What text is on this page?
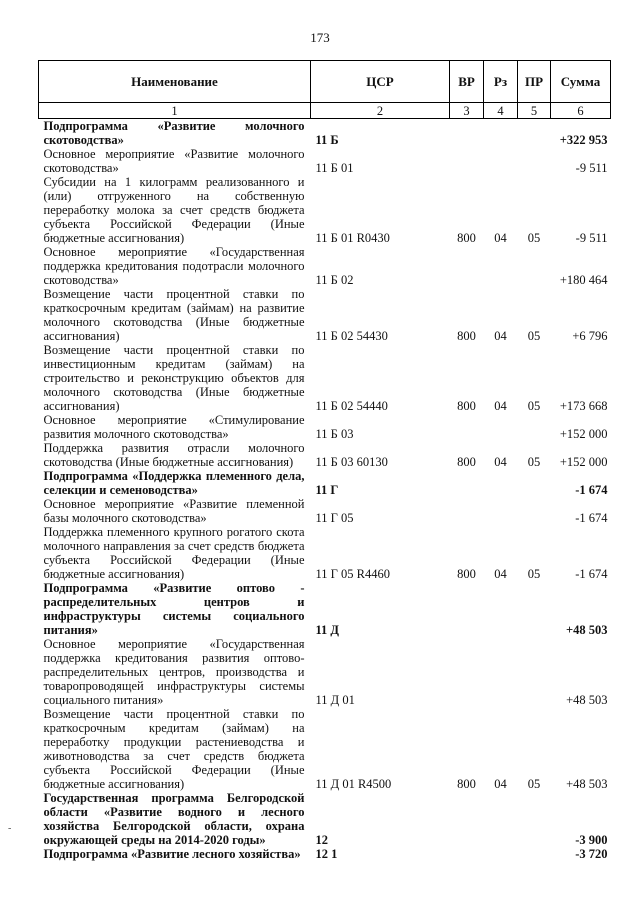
173
Наименование	ЦСР	ВР	Рз	ПР	Сумма
1	2	3	4	5	6
Подпрограмма «Развитие молочного скотоводства»	11 Б				+322 953
Основное мероприятие «Развитие молочного скотоводства»	11 Б 01				-9 511
Субсидии на 1 килограмм реализованного и (или) отгруженного на собственную переработку молока за счет средств бюджета субъекта Российской Федерации (Иные бюджетные ассигнования)	11 Б 01 R0430	800	04	05	-9 511
Основное мероприятие «Государственная поддержка кредитования подотрасли молочного скотоводства»	11 Б 02				+180 464
Возмещение части процентной ставки по краткосрочным кредитам (займам) на развитие молочного скотоводства (Иные бюджетные ассигнования)	11 Б 02 54430	800	04	05	+6 796
Возмещение части процентной ставки по инвестиционным кредитам (займам) на строительство и реконструкцию объектов для молочного скотоводства (Иные бюджетные ассигнования)	11 Б 02 54440	800	04	05	+173 668
Основное мероприятие «Стимулирование развития молочного скотоводства»	11 Б 03				+152 000
Поддержка развития отрасли молочного скотоводства (Иные бюджетные ассигнования)	11 Б 03 60130	800	04	05	+152 000
Подпрограмма «Поддержка племенного дела, селекции и семеноводства»	11 Г				-1 674
Основное мероприятие «Развитие племенной базы молочного скотоводства»	11 Г 05				-1 674
Поддержка племенного крупного рогатого скота молочного направления за счет средств бюджета субъекта Российской Федерации (Иные бюджетные ассигнования)	11 Г 05 R4460	800	04	05	-1 674
Подпрограмма «Развитие оптово - распределительных центров и инфраструктуры системы социального питания»	11 Д				+48 503
Основное мероприятие «Государственная поддержка кредитования развития оптово-распределительных центров, производства и товаропроводящей инфраструктуры системы социального питания»	11 Д 01				+48 503
Возмещение части процентной ставки по краткосрочным кредитам (займам) на переработку продукции растениеводства и животноводства за счет средств бюджета субъекта Российской Федерации (Иные бюджетные ассигнования)	11 Д 01 R4500	800	04	05	+48 503
Государственная программа Белгородской области «Развитие водного и лесного хозяйства Белгородской области, охрана окружающей среды на 2014-2020 годы»	12				-3 900
Подпрограмма «Развитие лесного хозяйства»	12 1				-3 720
-
